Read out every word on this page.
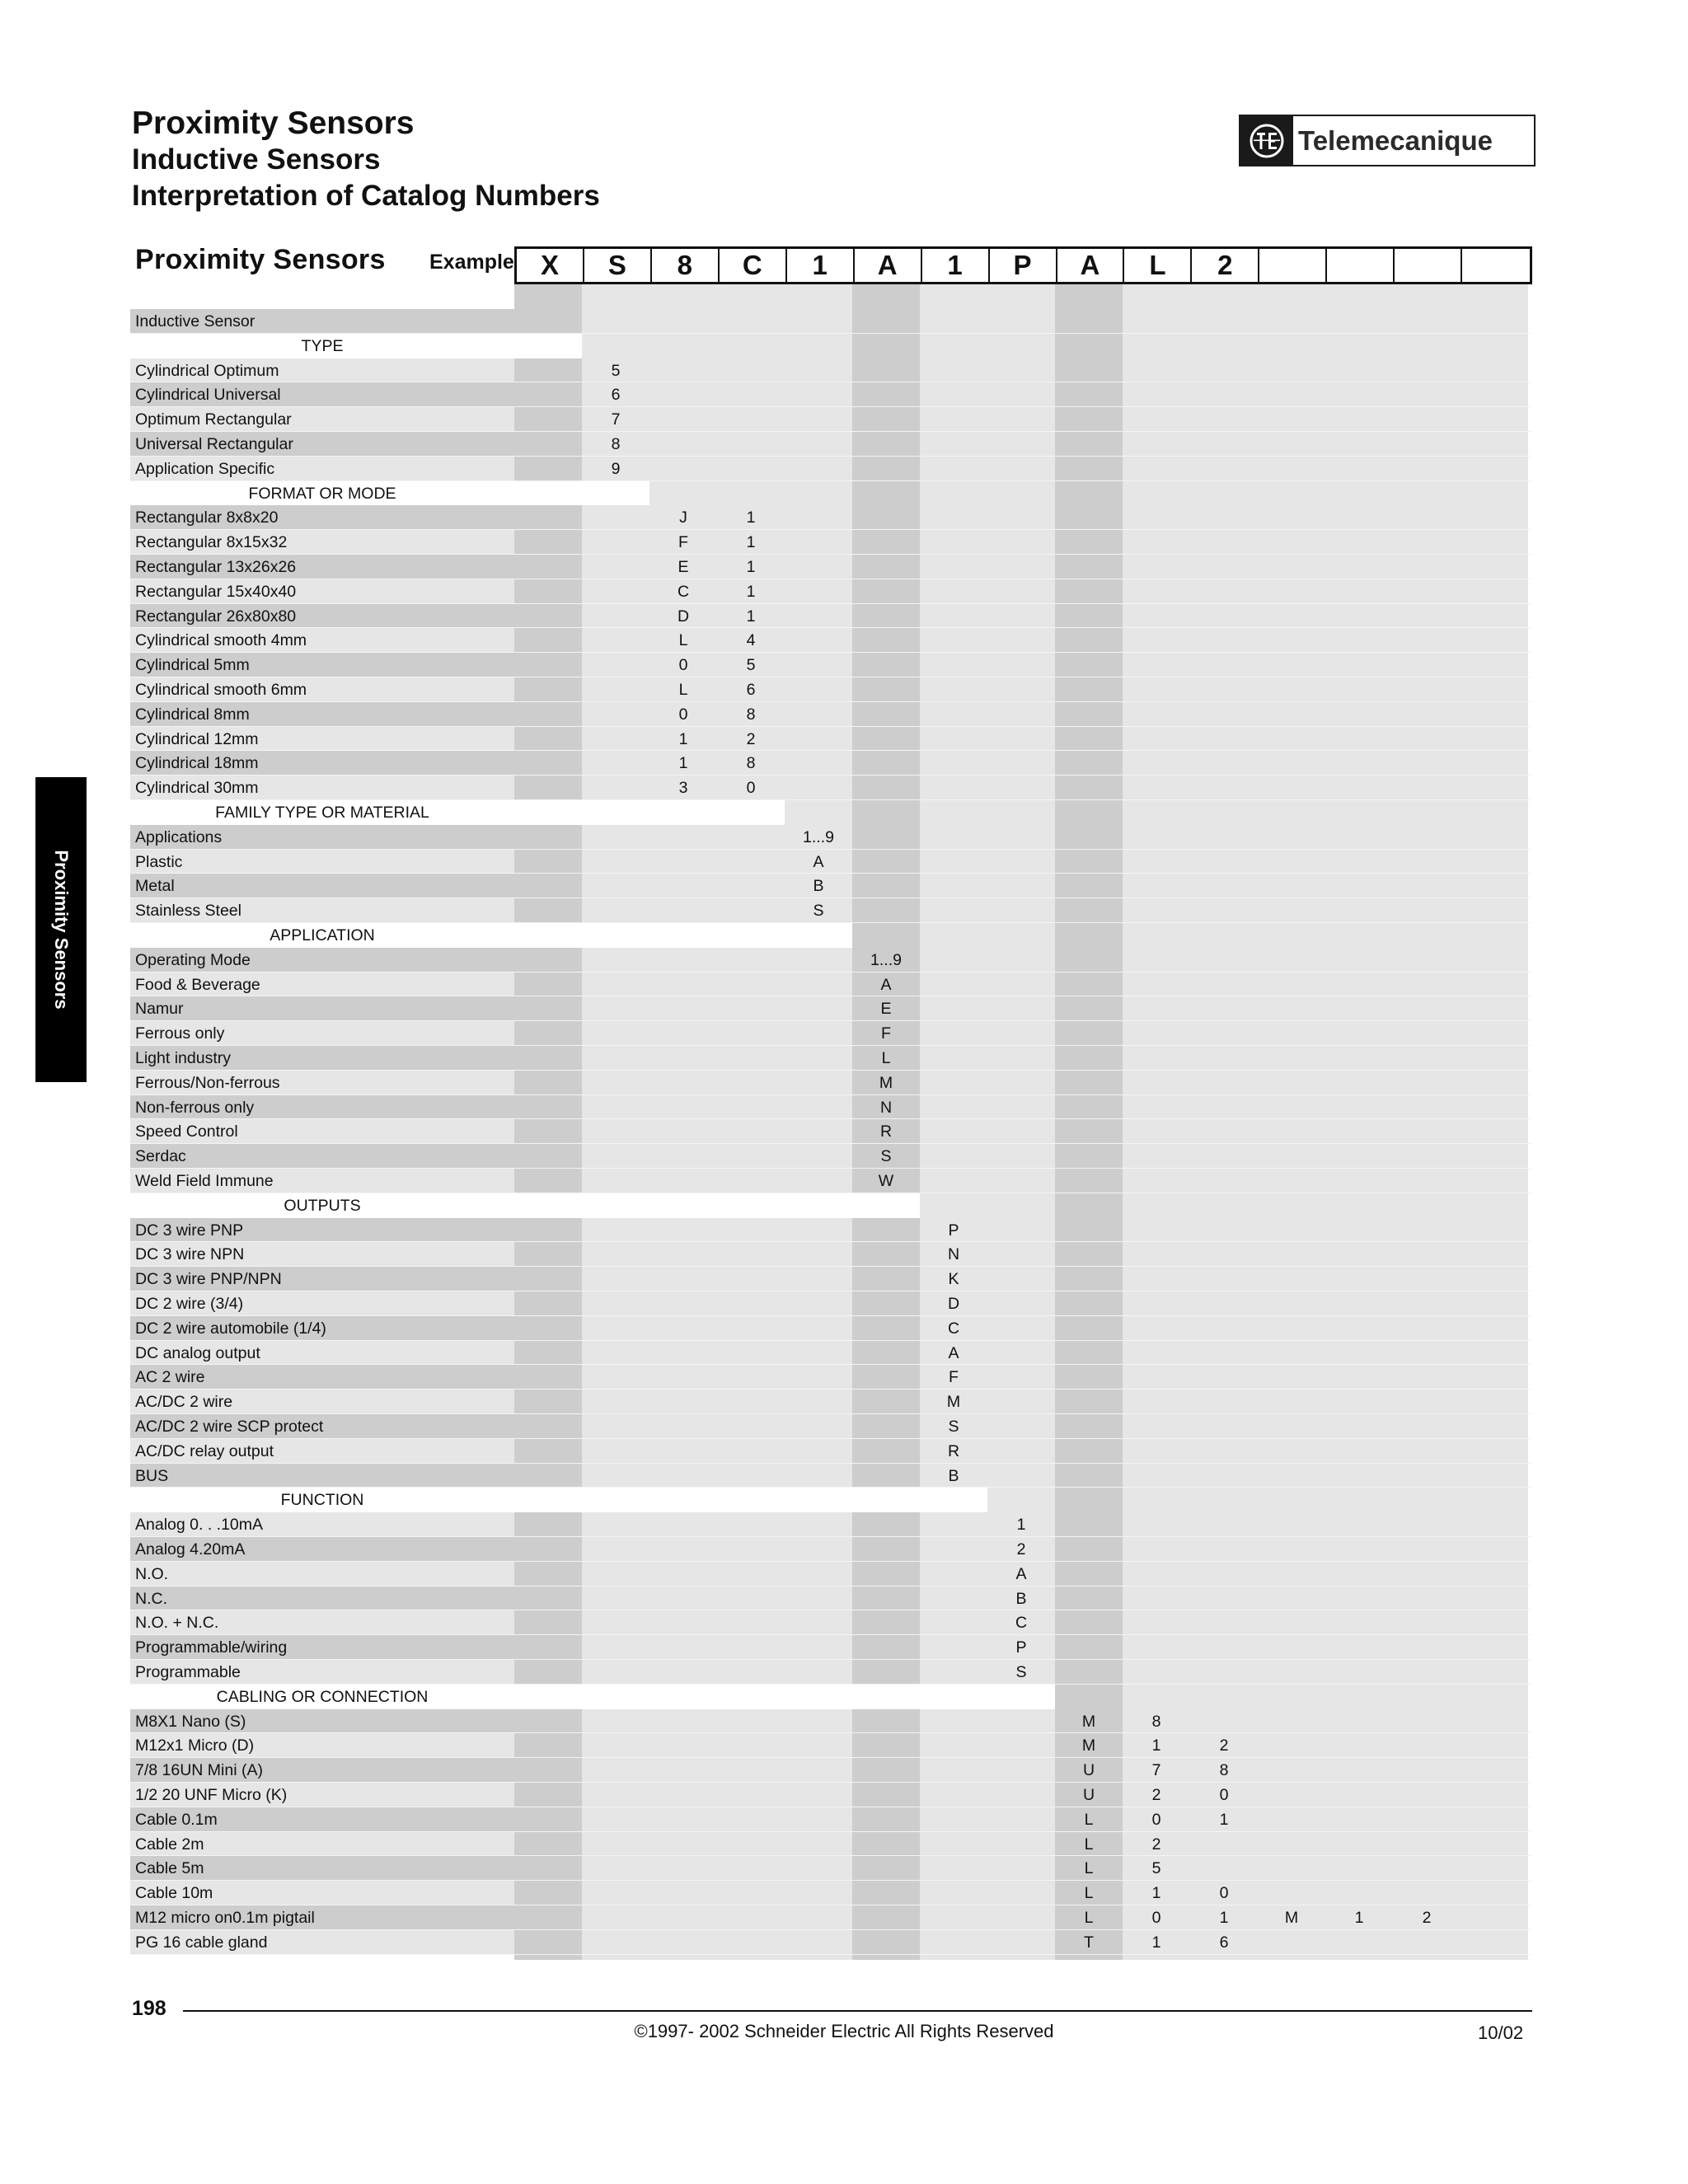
Proximity Sensors
Inductive Sensors
Interpretation of Catalog Numbers
Telemecanique
Proximity Sensors Example X	S	8	C	1	A	1	P	A	L	2
Inductive Sensor
TYPE
Cylindrical Optimum	5
Cylindrical Universal	6
Optimum Rectangular	7
Universal Rectangular	8
Application Specific	9
FORMAT OR MODE
Rectangular 8x8x20	J	1
Rectangular 8x15x32	F	1
Rectangular 13x26x26	E	1
Rectangular 15x40x40	C	1
Rectangular 26x80x80	D	1
Cylindrical smooth 4mm	L	4
Cylindrical 5mm	0	5
Cylindrical smooth 6mm	L	6
Cylindrical 8mm	0	8
Cylindrical 12mm	1	2
Cylindrical 18mm	1	8
Cylindrical 30mm	3	0
FAMILY TYPE OR MATERIAL
Applications	1...9
Plastic	A
Metal	B
Stainless Steel	S
APPLICATION
Operating Mode	1...9
Food & Beverage	A
Namur	E
Ferrous only	F
Light industry	L
Ferrous/Non-ferrous	M
Non-ferrous only	N
Speed Control	R
Serdac	S
Weld Field Immune	W
OUTPUTS
DC 3 wire PNP	P
DC 3 wire NPN	N
DC 3 wire PNP/NPN	K
DC 2 wire (3/4)	D
DC 2 wire automobile (1/4)	C
DC analog output	A
AC 2 wire	F
AC/DC 2 wire	M
AC/DC 2 wire SCP protect	S
AC/DC relay output	R
BUS	B
FUNCTION
Analog 0. . .10mA	1
Analog 4.20mA	2
N.O.	A
N.C.	B
N.O. + N.C.	C
Programmable/wiring	P
Programmable	S
CABLING OR CONNECTION
M8X1 Nano (S)	M	8
M12x1 Micro (D)	M	1	2
7/8 16UN Mini (A)	U	7	8
1/2 20 UNF Micro (K)	U	2	0
Cable 0.1m	L	0	1
Cable 2m	L	2
Cable 5m	L	5
Cable 10m	L	1	0
M12 micro on0.1m pigtail	L	0	1	M	1	2
PG 16 cable gland	T	1	6
Proximity Sensors
198
©1997- 2002 Schneider Electric All Rights Reserved	10/02
